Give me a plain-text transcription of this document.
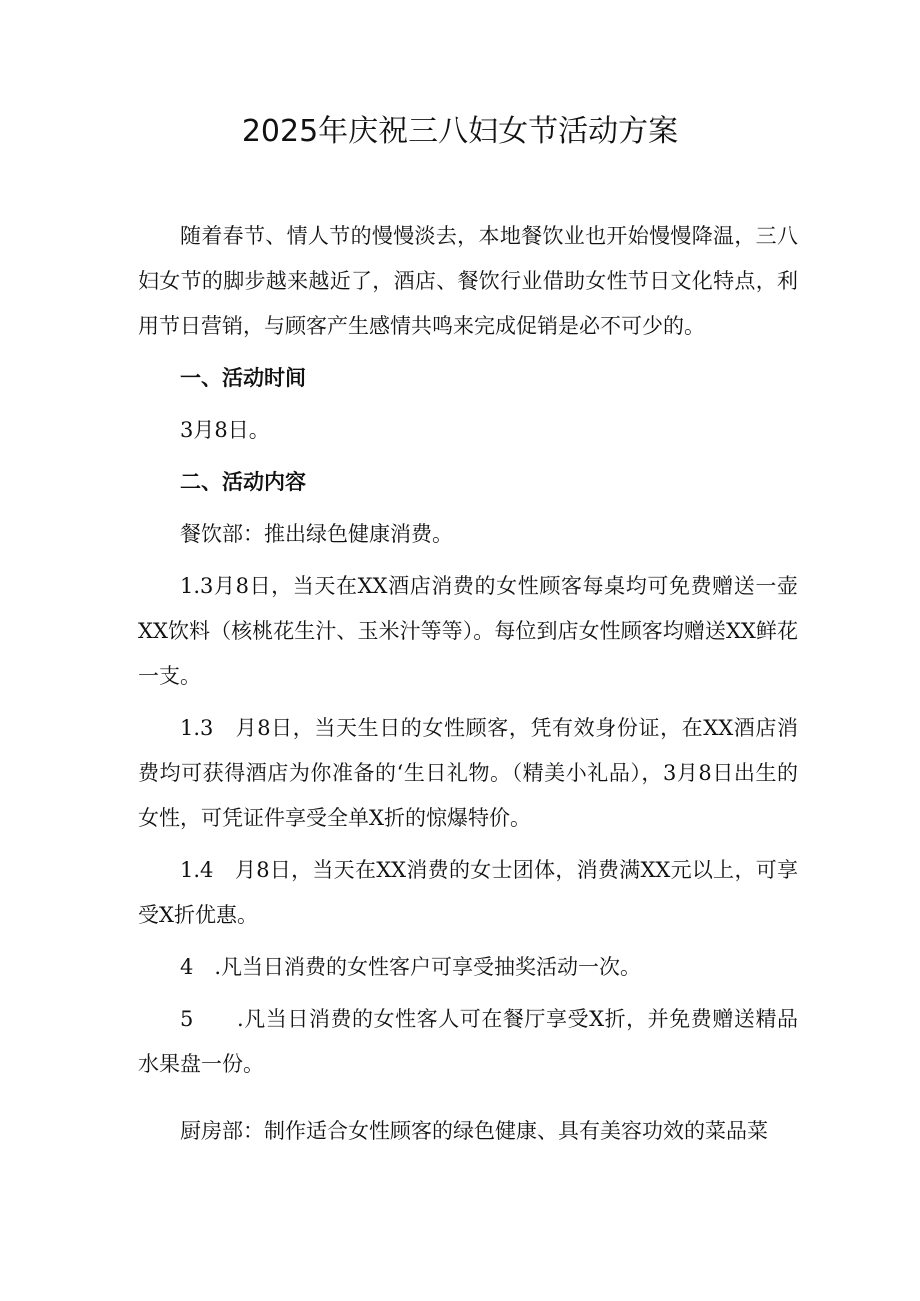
2025年庆祝三八妇女节活动方案

随着春节、情人节的慢慢淡去，本地餐饮业也开始慢慢降温，三八妇女节的脚步越来越近了，酒店、餐饮行业借助女性节日文化特点，利用节日营销，与顾客产生感情共鸣来完成促销是必不可少的。

一、活动时间

3月8日。

二、活动内容

餐饮部：推出绿色健康消费。

1.3月8日，当天在XX酒店消费的女性顾客每桌均可免费赠送一壶XX饮料（核桃花生汁、玉米汁等等）。每位到店女性顾客均赠送XX鲜花一支。

1.3　月8日，当天生日的女性顾客，凭有效身份证，在XX酒店消费均可获得酒店为你准备的‘生日礼物。（精美小礼品），3月8日出生的女性，可凭证件享受全单X折的惊爆特价。

1.4　月8日，当天在XX消费的女士团体，消费满XX元以上，可享受X折优惠。

4　.凡当日消费的女性客户可享受抽奖活动一次。

5　　.凡当日消费的女性客人可在餐厅享受X折，并免费赠送精品水果盘一份。

厨房部：制作适合女性顾客的绿色健康、具有美容功效的菜品菜
